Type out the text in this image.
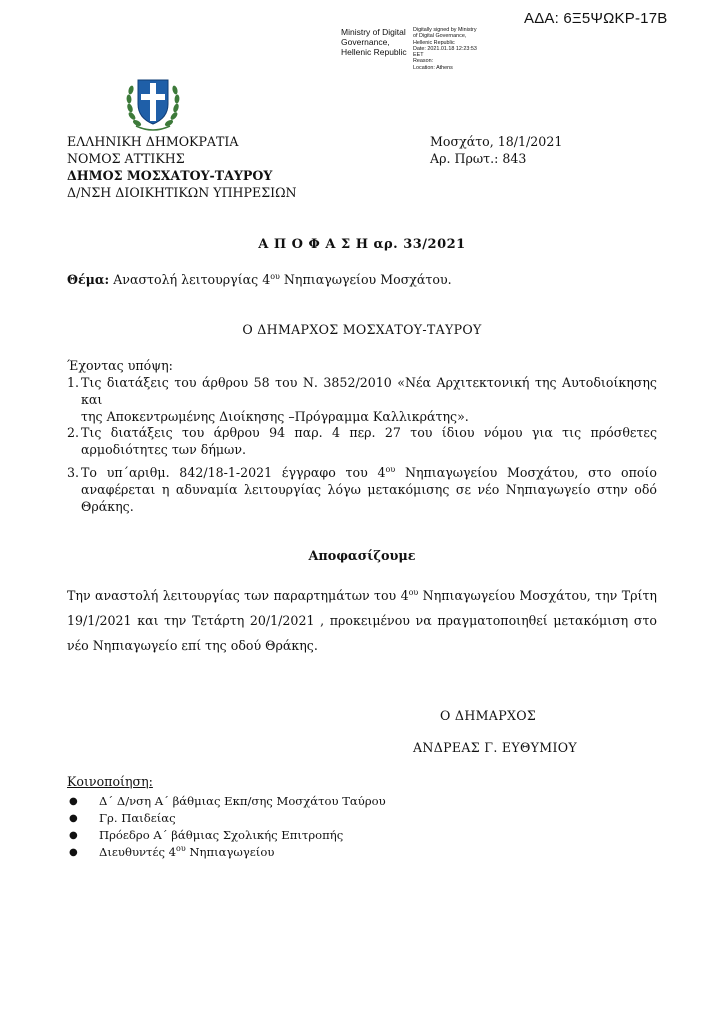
ΑΔΑ: 6Ξ5ΨΩΚΡ-17Β
Ministry of Digital
Governance,
Hellenic Republic
Digitally signed by Ministry
of Digital Governance,
Hellenic Republic
Date: 2021.01.18 12:23:53
EET
Reason:
Location: Athens
ΕΛΛΗΝΙΚΗ ΔΗΜΟΚΡΑΤΙΑ
ΝΟΜΟΣ ΑΤΤΙΚΗΣ
ΔΗΜΟΣ ΜΟΣΧΑΤΟΥ-ΤΑΥΡΟΥ
Δ/ΝΣΗ ΔΙΟΙΚΗΤΙΚΩΝ ΥΠΗΡΕΣΙΩΝ
Μοσχάτο, 18/1/2021
Αρ. Πρωτ.: 843
Α Π Ο Φ Α Σ Η αρ. 33/2021
Θέμα: Αναστολή λειτουργίας $4^{o\upsilon}$ Νηπιαγωγείου Μοσχάτου.
Ο ΔΗΜΑΡΧΟΣ ΜΟΣΧΑΤΟΥ-ΤΑΥΡΟΥ
Έχοντας υπόψη:
1. Τις διατάξεις του άρθρου 58 του Ν. 3852/2010 «Νέα Αρχιτεκτονική της Αυτοδιοίκησης και
της Αποκεντρωμένης Διοίκησης –Πρόγραμμα Καλλικράτης».
2. Τις διατάξεις του άρθρου 94 παρ. 4 περ. 27 του ίδιου νόμου για τις πρόσθετες
αρμοδιότητες των δήμων.
3. Το υπ΄αριθμ. 842/18-1-2021 έγγραφο του $4^{o\upsilon}$ Νηπιαγωγείου Μοσχάτου, στο οποίο
αναφέρεται η αδυναμία λειτουργίας λόγω μετακόμισης σε νέο Νηπιαγωγείο στην οδό
Θράκης.
Αποφασίζουμε
Την αναστολή λειτουργίας των παραρτημάτων του $4^{o\upsilon}$ Νηπιαγωγείου Μοσχάτου, την Τρίτη
19/1/2021 και την Τετάρτη 20/1/2021 , προκειμένου να πραγματοποιηθεί μετακόμιση στο
νέο Νηπιαγωγείο επί της οδού Θράκης.
Ο ΔΗΜΑΡΧΟΣ
ΑΝΔΡΕΑΣ Γ. ΕΥΘΥΜΙΟΥ
Κοινοποίηση:
●	Δ΄ Δ/νση Α΄ βάθμιας Εκπ/σης Μοσχάτου Ταύρου
●	Γρ. Παιδείας
●	Πρόεδρο Α΄ βάθμιας Σχολικής Επιτροπής
●	Διευθυντές $4^{o\upsilon}$ Νηπιαγωγείου
